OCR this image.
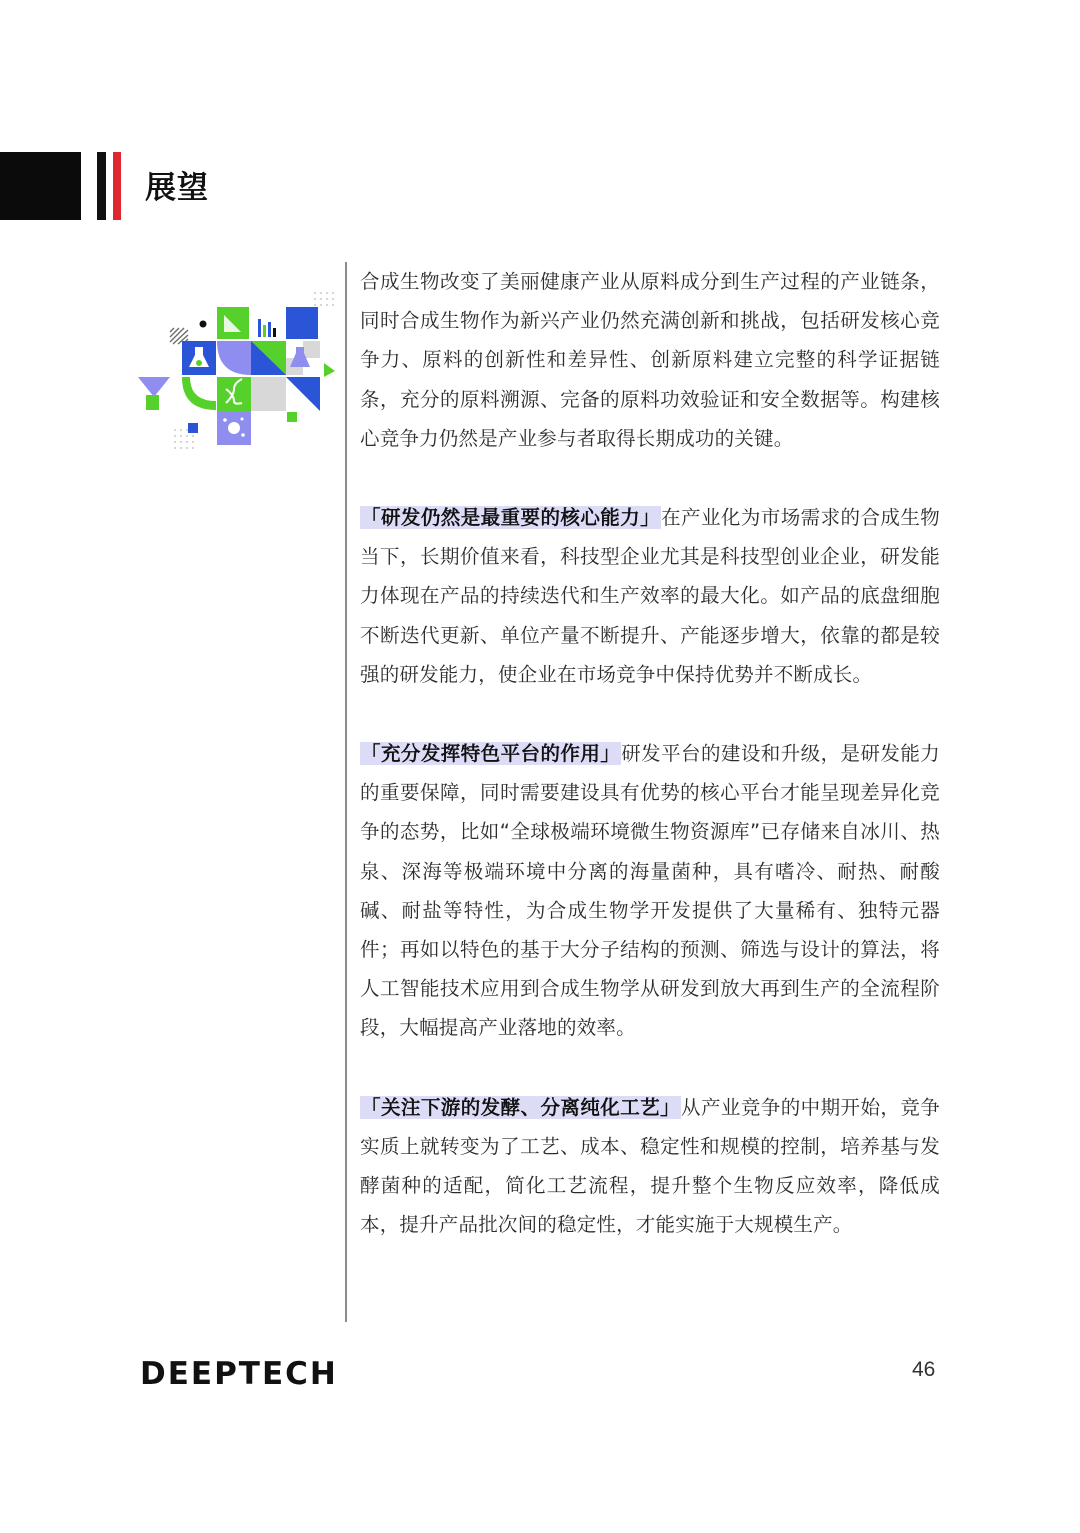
展望

合成生物改变了美丽健康产业从原料成分到生产过程的产业链条，同时合成生物作为新兴产业仍然充满创新和挑战，包括研发核心竞争力、原料的创新性和差异性、创新原料建立完整的科学证据链条，充分的原料溯源、完备的原料功效验证和安全数据等。构建核心竞争力仍然是产业参与者取得长期成功的关键。

「研发仍然是最重要的核心能力」在产业化为市场需求的合成生物当下，长期价值来看，科技型企业尤其是科技型创业企业，研发能力体现在产品的持续迭代和生产效率的最大化。如产品的底盘细胞不断迭代更新、单位产量不断提升、产能逐步增大，依靠的都是较强的研发能力，使企业在市场竞争中保持优势并不断成长。

「充分发挥特色平台的作用」研发平台的建设和升级，是研发能力的重要保障，同时需要建设具有优势的核心平台才能呈现差异化竞争的态势，比如“全球极端环境微生物资源库”已存储来自冰川、热泉、深海等极端环境中分离的海量菌种，具有嗜冷、耐热、耐酸碱、耐盐等特性，为合成生物学开发提供了大量稀有、独特元器件；再如以特色的基于大分子结构的预测、筛选与设计的算法，将人工智能技术应用到合成生物学从研发到放大再到生产的全流程阶段，大幅提高产业落地的效率。

「关注下游的发酵、分离纯化工艺」从产业竞争的中期开始，竞争实质上就转变为了工艺、成本、稳定性和规模的控制，培养基与发酵菌种的适配，简化工艺流程，提升整个生物反应效率，降低成本，提升产品批次间的稳定性，才能实施于大规模生产。

DEEPTECH	46
